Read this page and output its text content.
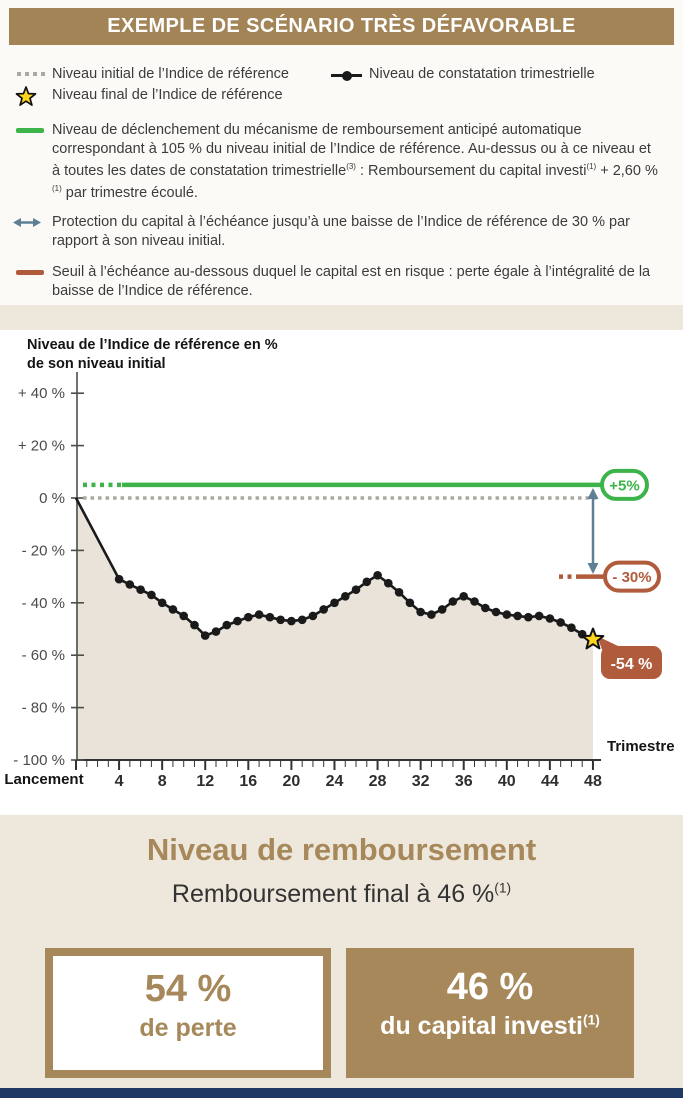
EXEMPLE DE SCÉNARIO TRÈS DÉFAVORABLE
Niveau initial de l’Indice de référence	Niveau de constatation trimestrielle
Niveau final de l’Indice de référence
Niveau de déclenchement du mécanisme de remboursement anticipé automatique correspondant à 105 % du niveau initial de l’Indice de référence. Au-dessus ou à ce niveau et à toutes les dates de constatation trimestrielle$^{(3)}$ : Remboursement du capital investi$^{(1)}$ + 2,60 %$^{(1)}$ par trimestre écoulé.
Protection du capital à l’échéance jusqu’à une baisse de l’Indice de référence de 30 % par rapport à son niveau initial.
Seuil à l’échéance au-dessous duquel le capital est en risque : perte égale à l’intégralité de la baisse de l’Indice de référence.
Niveau de l’Indice de référence en %
de son niveau initial
+ 40 %
+ 20 %
0 %
- 20 %
- 40 %
- 60 %
- 80 %
- 100 %
4 8 12 16 20 24 28 32 36 40 44 48
Lancement
Trimestre
+5%
- 30%
-54 %
Niveau de remboursement
Remboursement final à 46 %$^{(1)}$
54 %
de perte
46 %
du capital investi$^{(1)}$
